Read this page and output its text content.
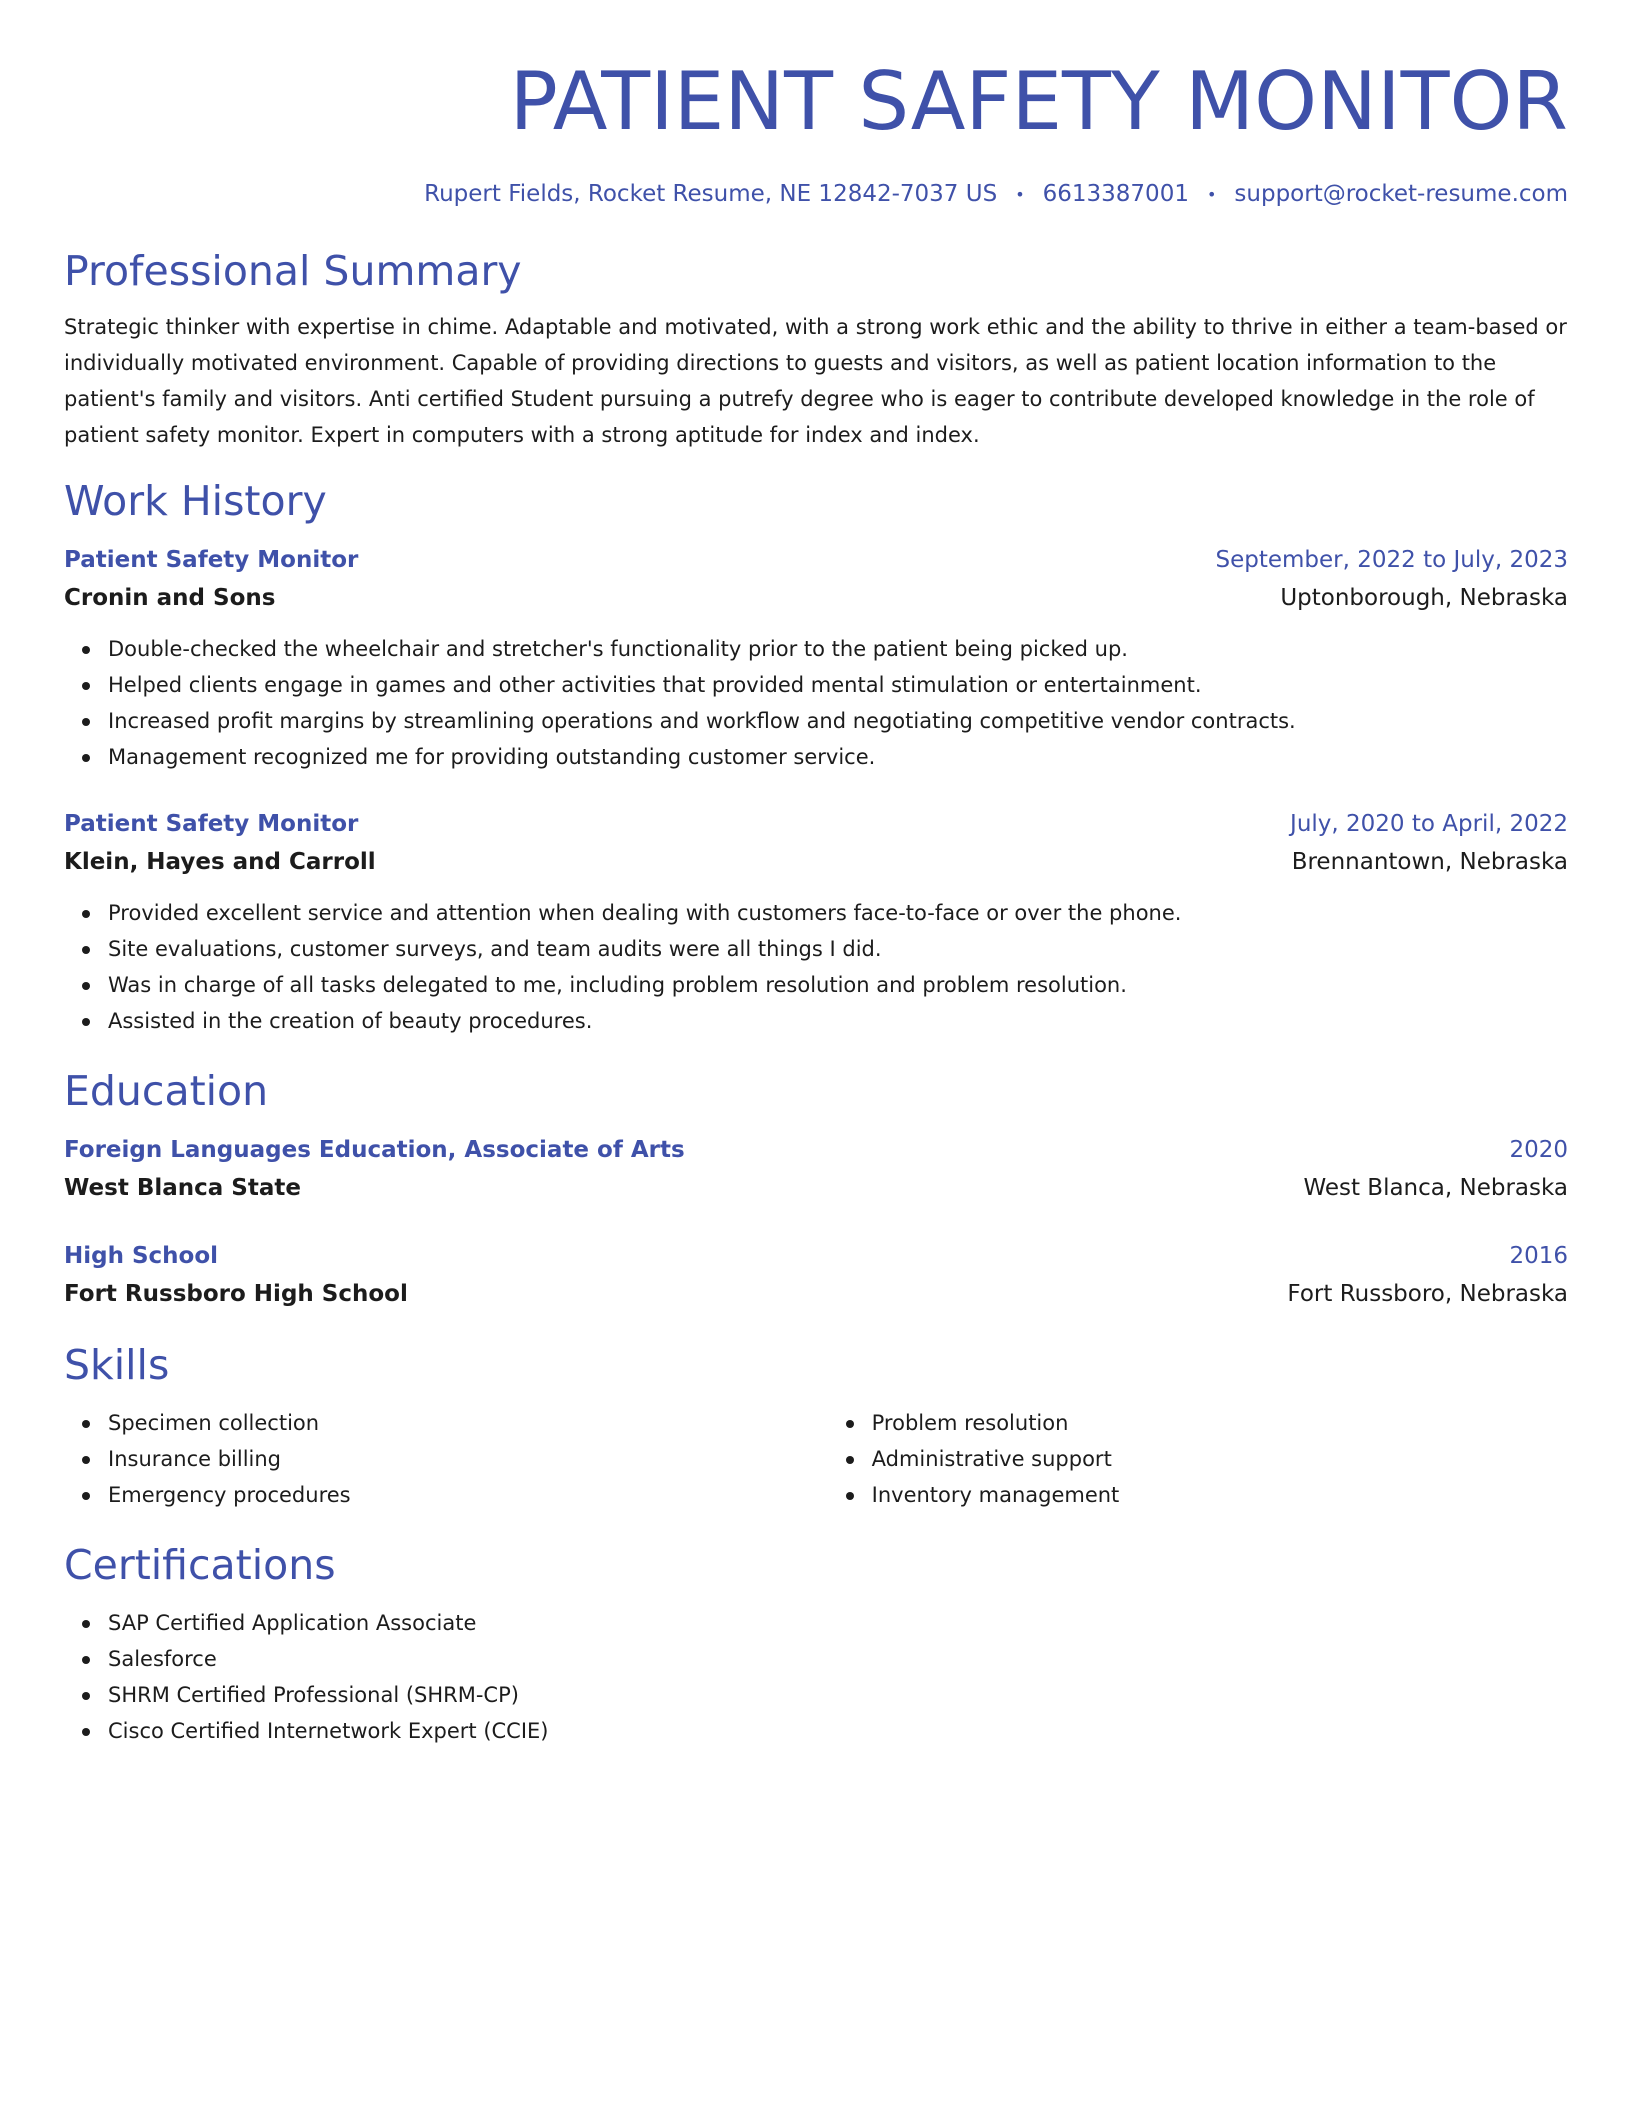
PATIENT SAFETY MONITOR
Rupert Fields, Rocket Resume, NE 12842-7037 US • 6613387001 • support@rocket-resume.com
Professional Summary
Strategic thinker with expertise in chime. Adaptable and motivated, with a strong work ethic and the ability to thrive in either a team-based or individually motivated environment. Capable of providing directions to guests and visitors, as well as patient location information to the patient's family and visitors. Anti certified Student pursuing a putrefy degree who is eager to contribute developed knowledge in the role of patient safety monitor. Expert in computers with a strong aptitude for index and index.
Work History
Patient Safety Monitor	September, 2022 to July, 2023
Cronin and Sons	Uptonborough, Nebraska
Double-checked the wheelchair and stretcher's functionality prior to the patient being picked up.
Helped clients engage in games and other activities that provided mental stimulation or entertainment.
Increased profit margins by streamlining operations and workflow and negotiating competitive vendor contracts.
Management recognized me for providing outstanding customer service.
Patient Safety Monitor	July, 2020 to April, 2022
Klein, Hayes and Carroll	Brennantown, Nebraska
Provided excellent service and attention when dealing with customers face-to-face or over the phone.
Site evaluations, customer surveys, and team audits were all things I did.
Was in charge of all tasks delegated to me, including problem resolution and problem resolution.
Assisted in the creation of beauty procedures.
Education
Foreign Languages Education, Associate of Arts	2020
West Blanca State	West Blanca, Nebraska
High School	2016
Fort Russboro High School	Fort Russboro, Nebraska
Skills
Specimen collection
Insurance billing
Emergency procedures
Problem resolution
Administrative support
Inventory management
Certifications
SAP Certified Application Associate
Salesforce
SHRM Certified Professional (SHRM-CP)
Cisco Certified Internetwork Expert (CCIE)
